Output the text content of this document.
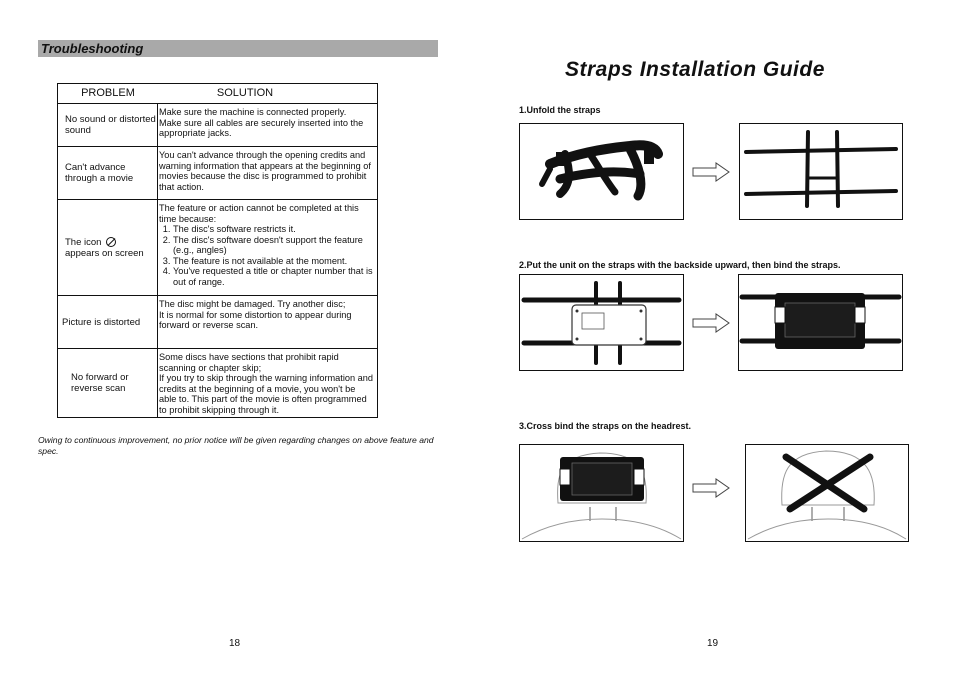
Troubleshooting
PROBLEM	SOLUTION
No sound or distorted sound

Make sure the machine is connected properly.

Make sure all cables are securely inserted into the appropriate jacks.

Can't advance through a movie

You can't advance through the opening credits and warning information that appears at the beginning of movies because the disc is programmed to prohibit that action.

The icon
appears on screen

The feature or action cannot be completed at this time because:

1. The disc's software restricts it.
2. The disc's software doesn't support the feature (e.g., angles)
3. The feature is not available at the moment.
4. You've requested a title or chapter number that is out of range.
Picture is distorted

The disc might be damaged. Try another disc;

It is normal for some distortion to appear during forward or reverse scan.

No forward or reverse scan

Some discs have sections that prohibit rapid scanning or chapter skip;

If you try to skip through the warning information and credits at the beginning of a movie, you won't be able to. This part of the movie is often programmed to prohibit skipping through it.

Owing to continuous improvement, no prior notice will be given regarding changes on above feature and spec.
18
Straps Installation Guide
1.Unfold the straps
2.Put the unit on the straps with the backside upward, then bind the straps.
3.Cross bind the straps on the headrest.
19
